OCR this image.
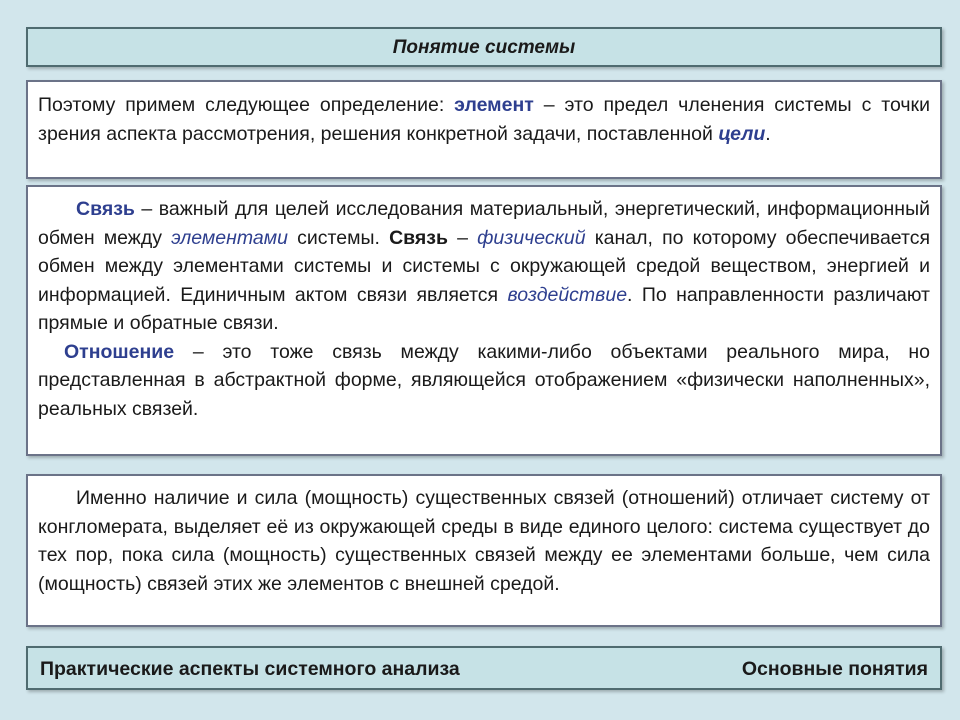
Понятие системы

Поэтому примем следующее определение: элемент – это предел членения системы с точки зрения аспекта рассмотрения, решения конкретной задачи, поставленной цели.

Связь – важный для целей исследования материальный, энергетический, информационный обмен между элементами системы. Связь – физический канал, по которому обеспечивается обмен между элементами системы и системы с окружающей средой веществом, энергией и информацией. Единичным актом связи является воздействие. По направленности различают прямые и обратные связи.

Отношение – это тоже связь между какими-либо объектами реального мира, но представленная в абстрактной форме, являющейся отображением «физически наполненных», реальных связей.

Именно наличие и сила (мощность) существенных связей (отношений) отличает систему от конгломерата, выделяет её из окружающей среды в виде единого целого: система существует до тех пор, пока сила (мощность) существенных связей между ее элементами больше, чем сила (мощность) связей этих же элементов с внешней средой.

Практические аспекты системного анализа	Основные понятия
